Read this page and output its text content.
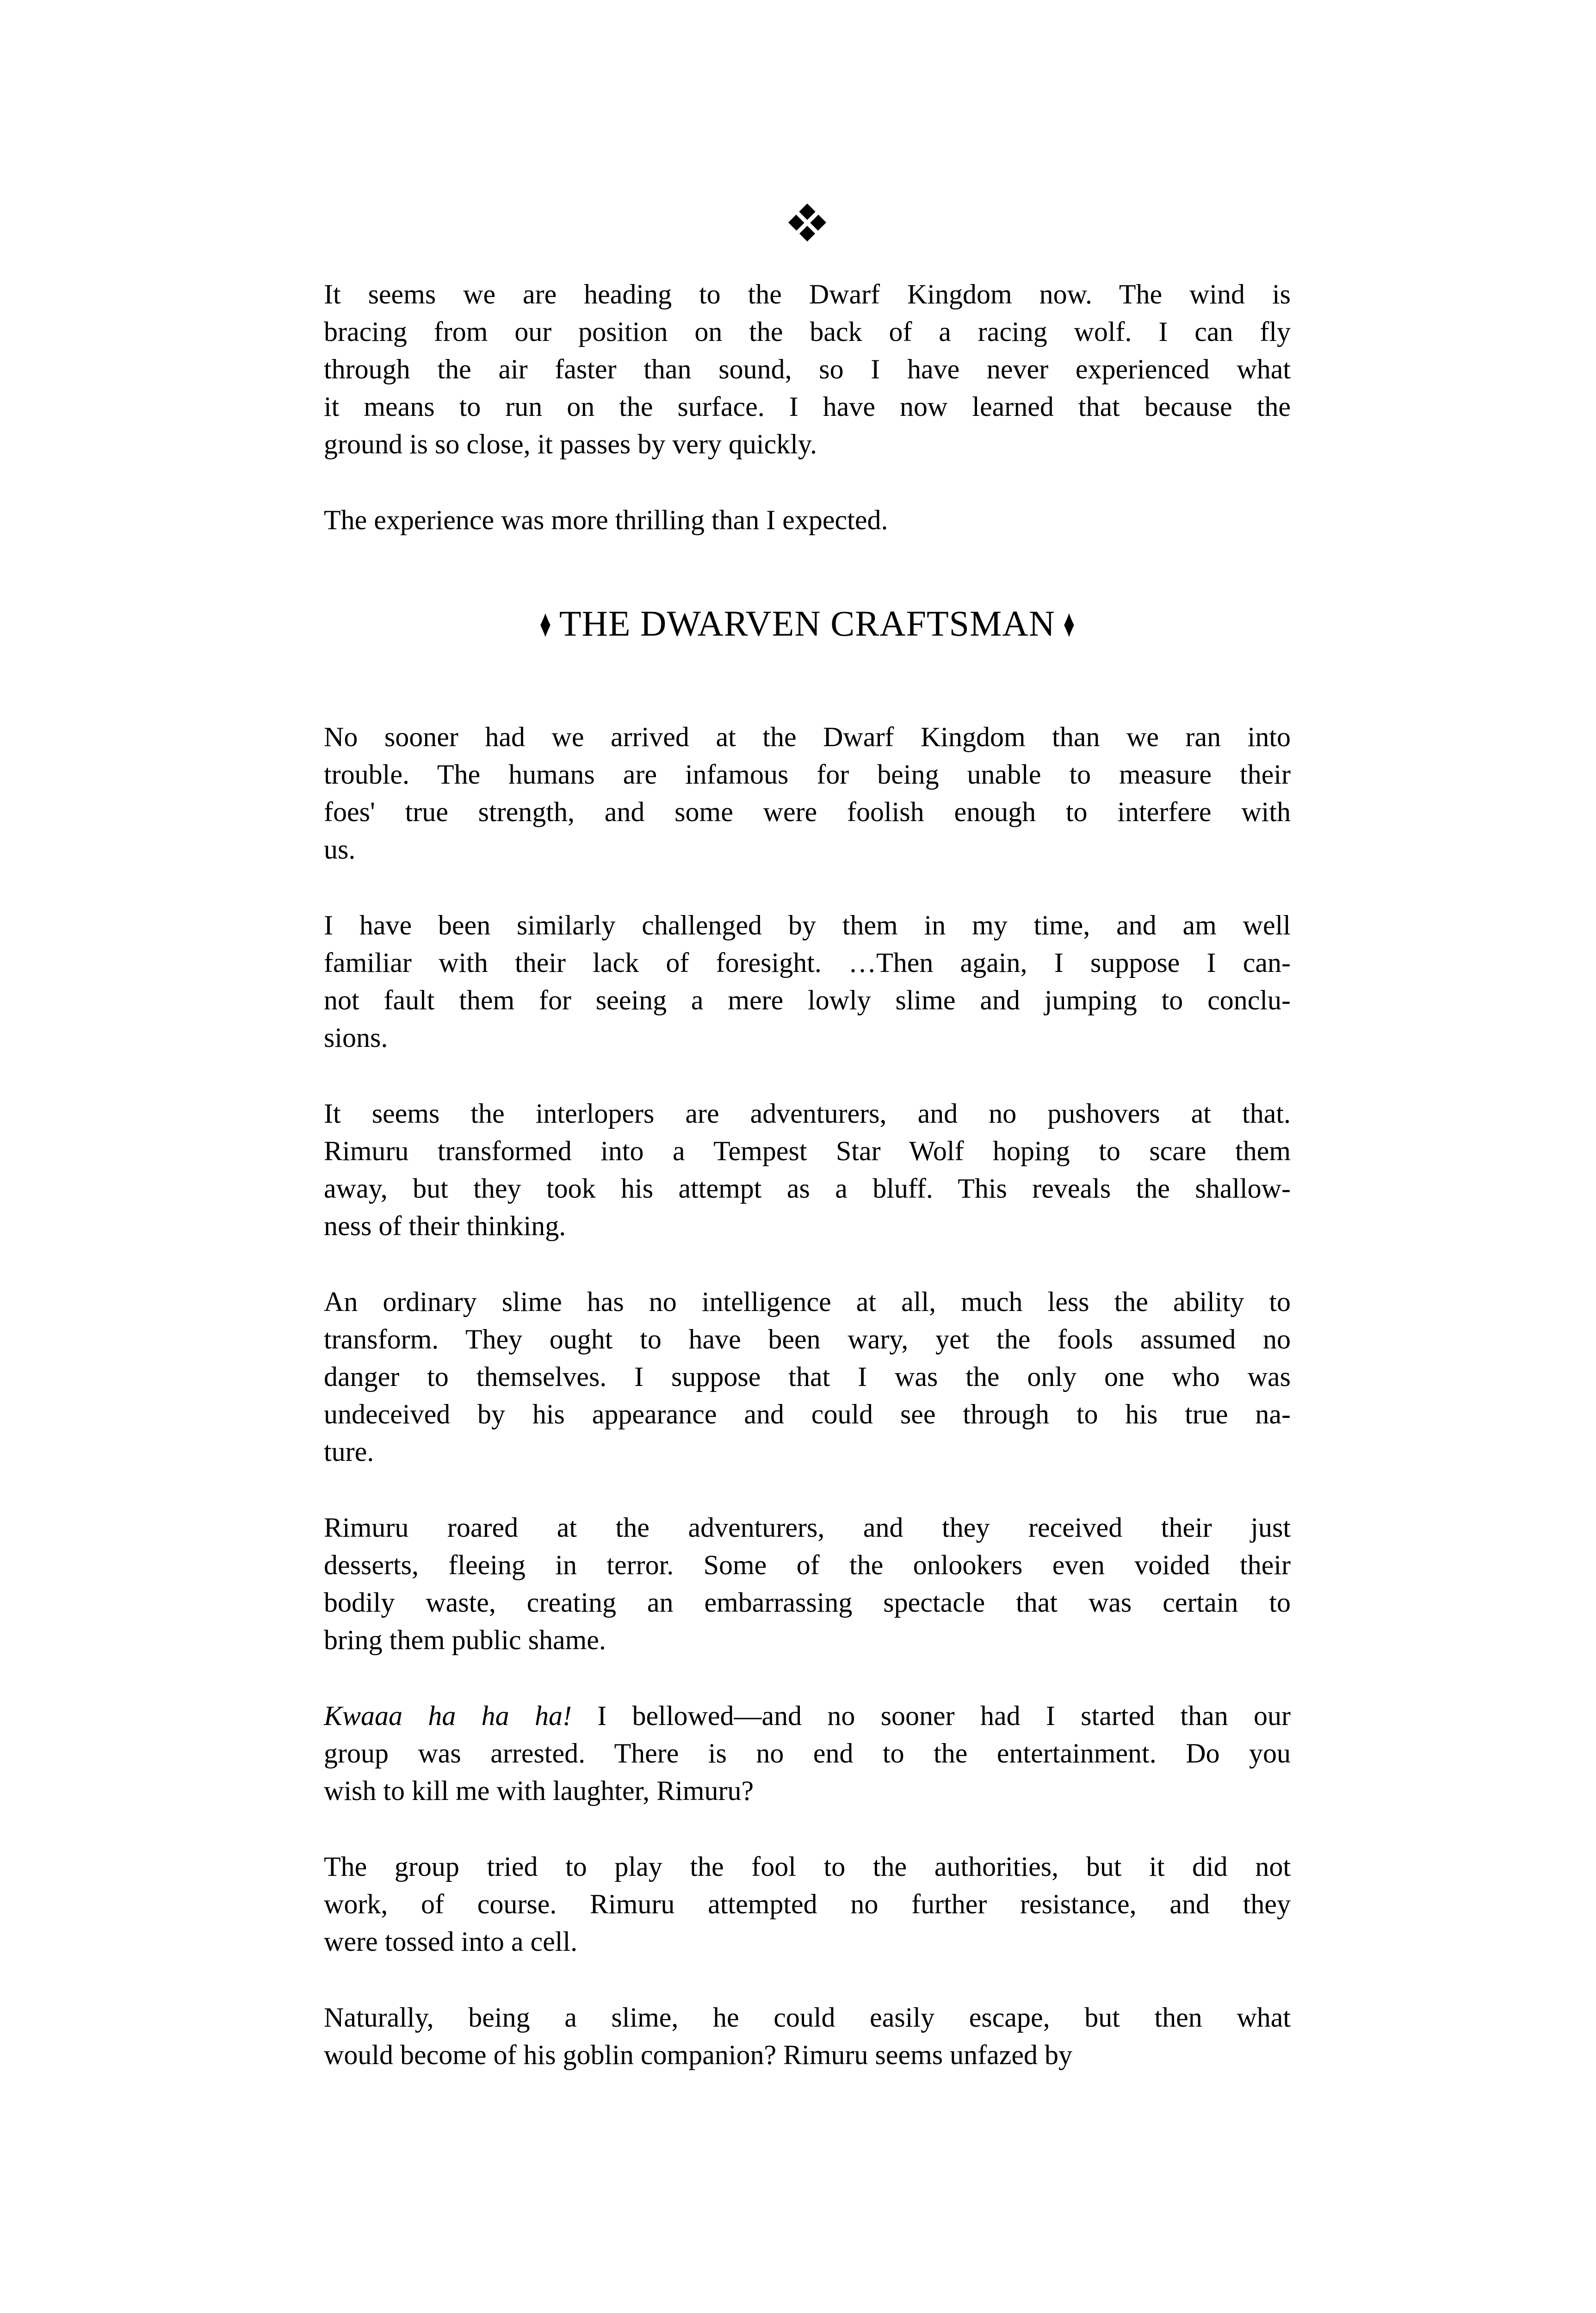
It seems we are heading to the Dwarf Kingdom now. The wind is
bracing from our position on the back of a racing wolf. I can fly
through the air faster than sound, so I have never experienced what
it means to run on the surface. I have now learned that because the
ground is so close, it passes by very quickly.
The experience was more thrilling than I expected.
♦ THE DWARVEN CRAFTSMAN ♦
No sooner had we arrived at the Dwarf Kingdom than we ran into
trouble. The humans are infamous for being unable to measure their
foes' true strength, and some were foolish enough to interfere with
us.
I have been similarly challenged by them in my time, and am well
familiar with their lack of foresight. …Then again, I suppose I can-
not fault them for seeing a mere lowly slime and jumping to conclu-
sions.
It seems the interlopers are adventurers, and no pushovers at that.
Rimuru transformed into a Tempest Star Wolf hoping to scare them
away, but they took his attempt as a bluff. This reveals the shallow-
ness of their thinking.
An ordinary slime has no intelligence at all, much less the ability to
transform. They ought to have been wary, yet the fools assumed no
danger to themselves. I suppose that I was the only one who was
undeceived by his appearance and could see through to his true na-
ture.
Rimuru roared at the adventurers, and they received their just
desserts, fleeing in terror. Some of the onlookers even voided their
bodily waste, creating an embarrassing spectacle that was certain to
bring them public shame.
Kwaaa ha ha ha! I bellowed—and no sooner had I started than our
group was arrested. There is no end to the entertainment. Do you
wish to kill me with laughter, Rimuru?
The group tried to play the fool to the authorities, but it did not
work, of course. Rimuru attempted no further resistance, and they
were tossed into a cell.
Naturally, being a slime, he could easily escape, but then what
would become of his goblin companion? Rimuru seems unfazed by
